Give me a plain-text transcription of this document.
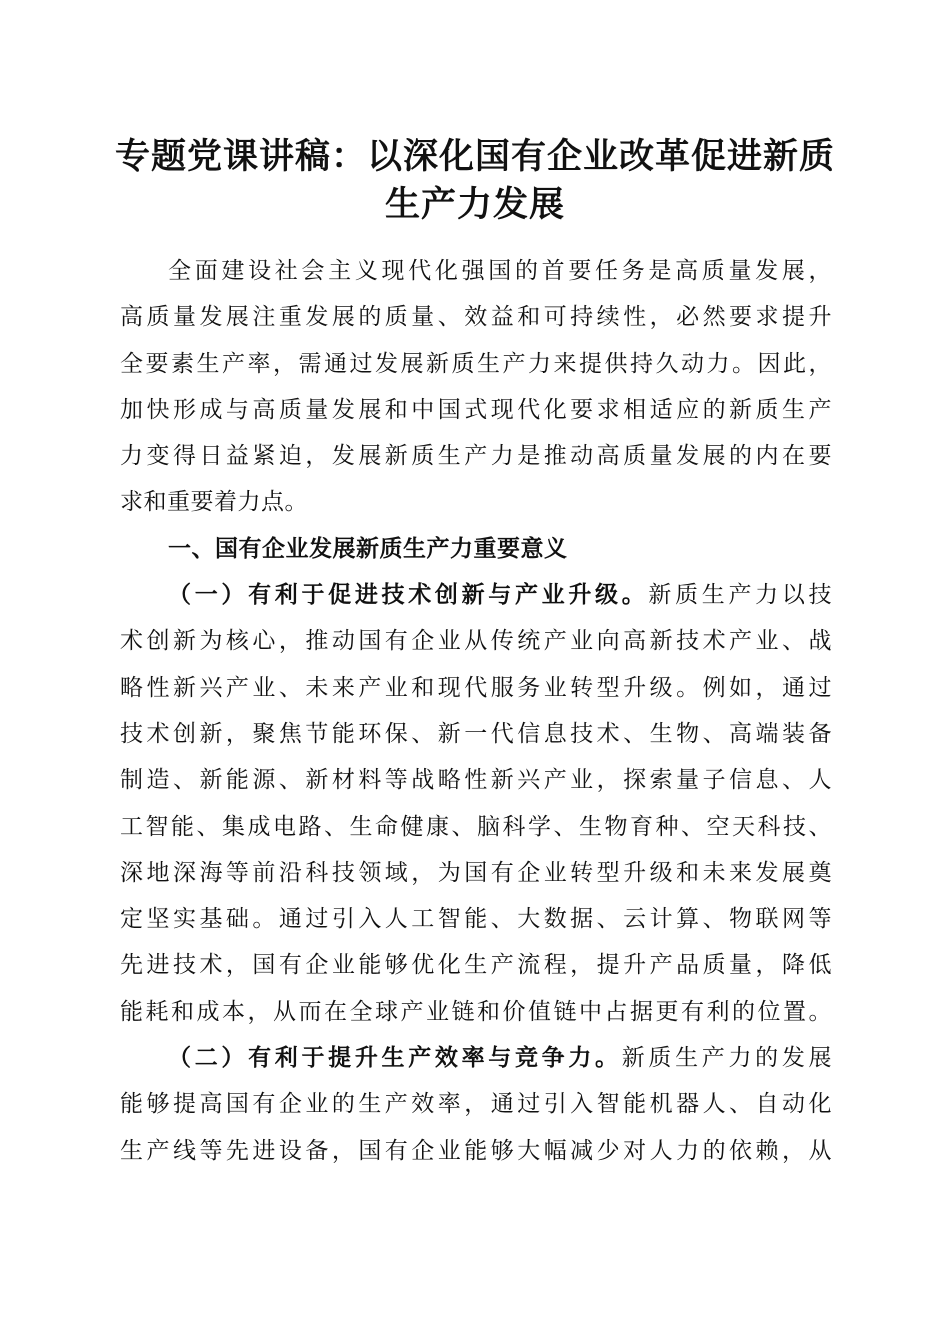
专题党课讲稿：以深化国有企业改革促进新质
生产力发展
全面建设社会主义现代化强国的首要任务是高质量发展，
高质量发展注重发展的质量、效益和可持续性，必然要求提升
全要素生产率，需通过发展新质生产力来提供持久动力。因此，
加快形成与高质量发展和中国式现代化要求相适应的新质生产
力变得日益紧迫，发展新质生产力是推动高质量发展的内在要
求和重要着力点。
一、国有企业发展新质生产力重要意义
（一）有利于促进技术创新与产业升级。新质生产力以技
术创新为核心，推动国有企业从传统产业向高新技术产业、战
略性新兴产业、未来产业和现代服务业转型升级。例如，通过
技术创新，聚焦节能环保、新一代信息技术、生物、高端装备
制造、新能源、新材料等战略性新兴产业，探索量子信息、人
工智能、集成电路、生命健康、脑科学、生物育种、空天科技、
深地深海等前沿科技领域，为国有企业转型升级和未来发展奠
定坚实基础。通过引入人工智能、大数据、云计算、物联网等
先进技术，国有企业能够优化生产流程，提升产品质量，降低
能耗和成本，从而在全球产业链和价值链中占据更有利的位置。
（二）有利于提升生产效率与竞争力。新质生产力的发展
能够提高国有企业的生产效率，通过引入智能机器人、自动化
生产线等先进设备，国有企业能够大幅减少对人力的依赖，从
